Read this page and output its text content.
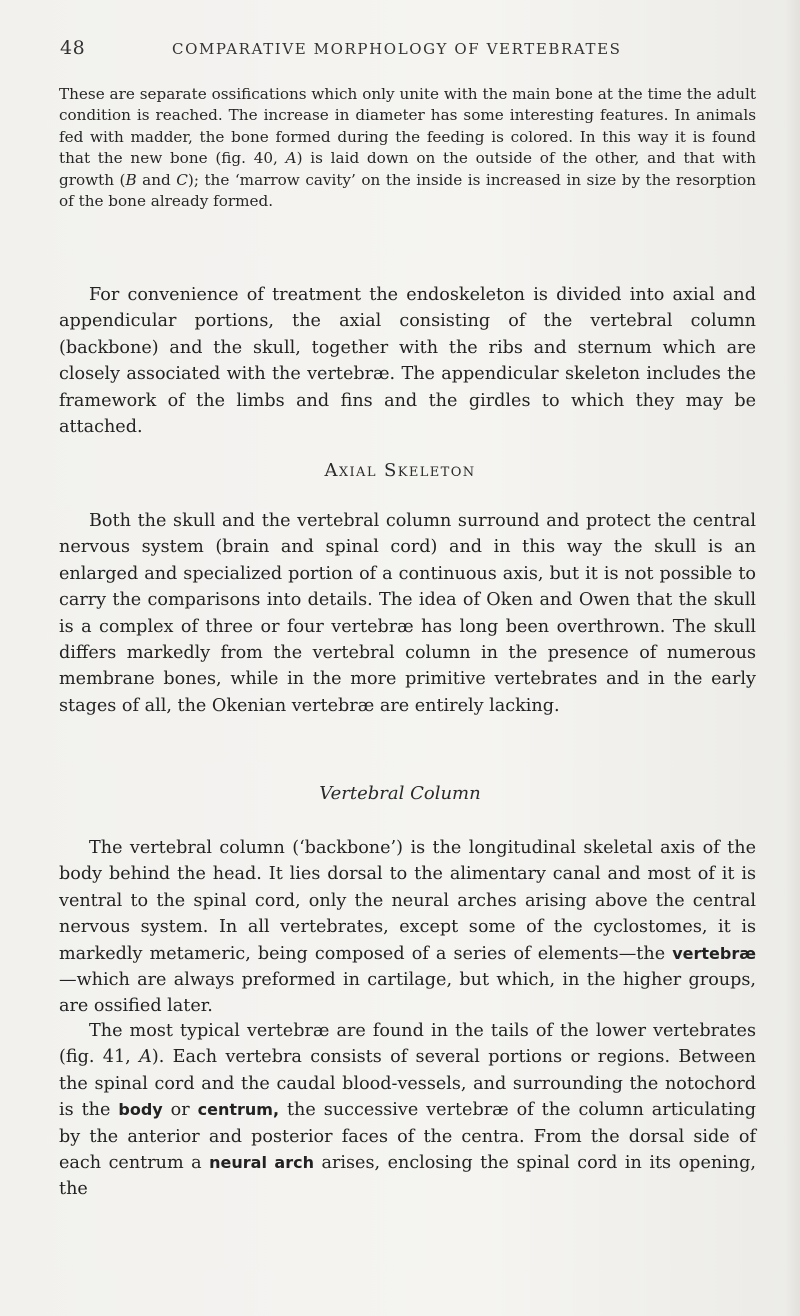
48	COMPARATIVE MORPHOLOGY OF VERTEBRATES

These are separate ossifications which only unite with the main bone at the time the adult condition is reached. The increase in diameter has some interesting features. In animals fed with madder, the bone formed during the feeding is colored. In this way it is found that the new bone (fig. 40, A) is laid down on the outside of the other, and that with growth (B and C); the ‘marrow cavity’ on the inside is increased in size by the resorption of the bone already formed.

For convenience of treatment the endoskeleton is divided into axial and appendicular portions, the axial consisting of the vertebral column (backbone) and the skull, together with the ribs and sternum which are closely associated with the vertebræ. The appendicular skeleton includes the framework of the limbs and fins and the girdles to which they may be attached.

Axial Skeleton

Both the skull and the vertebral column surround and protect the central nervous system (brain and spinal cord) and in this way the skull is an enlarged and specialized portion of a continuous axis, but it is not possible to carry the comparisons into details. The idea of Oken and Owen that the skull is a complex of three or four vertebræ has long been overthrown. The skull differs markedly from the vertebral column in the presence of numerous membrane bones, while in the more primitive vertebrates and in the early stages of all, the Okenian vertebræ are entirely lacking.

Vertebral Column

The vertebral column (‘backbone’) is the longitudinal skeletal axis of the body behind the head. It lies dorsal to the alimentary canal and most of it is ventral to the spinal cord, only the neural arches arising above the central nervous system. In all vertebrates, except some of the cyclostomes, it is markedly metameric, being composed of a series of elements—the vertebræ—which are always preformed in cartilage, but which, in the higher groups, are ossified later.

The most typical vertebræ are found in the tails of the lower vertebrates (fig. 41, A). Each vertebra consists of several portions or regions. Between the spinal cord and the caudal blood-vessels, and surrounding the notochord is the body or centrum, the successive vertebræ of the column articulating by the anterior and posterior faces of the centra. From the dorsal side of each centrum a neural arch arises, enclosing the spinal cord in its opening, the
